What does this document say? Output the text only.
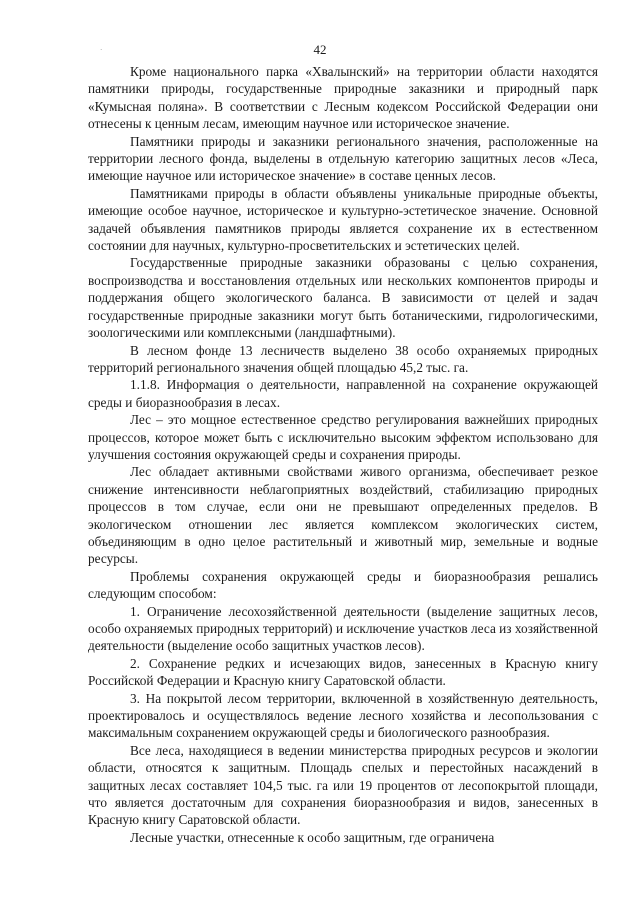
42

Кроме национального парка «Хвалынский» на территории области находятся памятники природы, государственные природные заказники и природный парк «Кумысная поляна». В соответствии с Лесным кодексом Российской Федерации они отнесены к ценным лесам, имеющим научное или историческое значение.

Памятники природы и заказники регионального значения, расположенные на территории лесного фонда, выделены в отдельную категорию защитных лесов «Леса, имеющие научное или историческое значение» в составе ценных лесов.

Памятниками природы в области объявлены уникальные природные объекты, имеющие особое научное, историческое и культурно-эстетическое значение. Основной задачей объявления памятников природы является сохранение их в естественном состоянии для научных, культурно-просветительских и эстетических целей.

Государственные природные заказники образованы с целью сохранения, воспроизводства и восстановления отдельных или нескольких компонентов природы и поддержания общего экологического баланса. В зависимости от целей и задач государственные природные заказники могут быть ботаническими, гидрологическими, зоологическими или комплексными (ландшафтными).

В лесном фонде 13 лесничеств выделено 38 особо охраняемых природных территорий регионального значения общей площадью 45,2 тыс. га.

1.1.8. Информация о деятельности, направленной на сохранение окружающей среды и биоразнообразия в лесах.

Лес – это мощное естественное средство регулирования важнейших природных процессов, которое может быть с исключительно высоким эффектом использовано для улучшения состояния окружающей среды и сохранения природы.

Лес обладает активными свойствами живого организма, обеспечивает резкое снижение интенсивности неблагоприятных воздействий, стабилизацию природных процессов в том случае, если они не превышают определенных пределов. В экологическом отношении лес является комплексом экологических систем, объединяющим в одно целое растительный и животный мир, земельные и водные ресурсы.

Проблемы сохранения окружающей среды и биоразнообразия решались следующим способом:

1. Ограничение лесохозяйственной деятельности (выделение защитных лесов, особо охраняемых природных территорий) и исключение участков леса из хозяйственной деятельности (выделение особо защитных участков лесов).

2. Сохранение редких и исчезающих видов, занесенных в Красную книгу Российской Федерации и Красную книгу Саратовской области.

3. На покрытой лесом территории, включенной в хозяйственную деятельность, проектировалось и осуществлялось ведение лесного хозяйства и лесопользования с максимальным сохранением окружающей среды и биологического разнообразия.

Все леса, находящиеся в ведении министерства природных ресурсов и экологии области, относятся к защитным. Площадь спелых и перестойных насаждений в защитных лесах составляет 104,5 тыс. га или 19 процентов от лесопокрытой площади, что является достаточным для сохранения биоразнообразия и видов, занесенных в Красную книгу Саратовской области.

Лесные участки, отнесенные к особо защитным, где ограничена

·
